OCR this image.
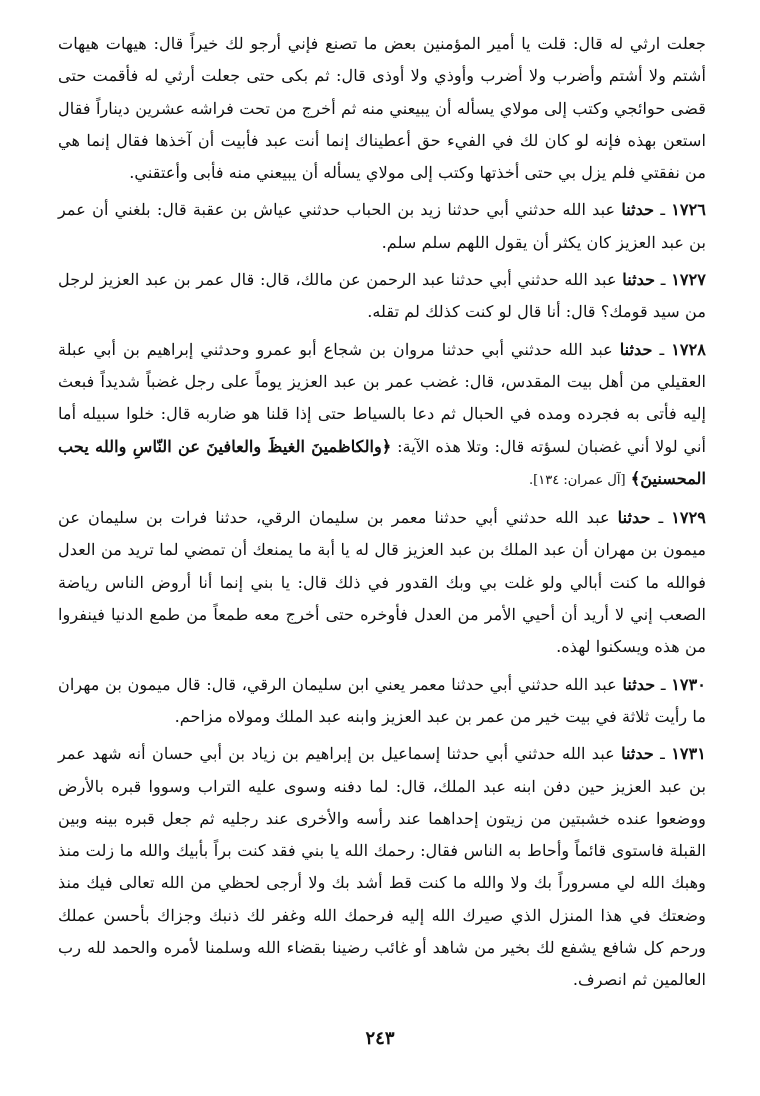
جعلت ارثي له قال: قلت يا أمير المؤمنين بعض ما تصنع فإني أرجو لك خيراً قال: هيهات هيهات أشتم ولا أشتم وأضرب ولا أضرب وأوذي ولا أوذى قال: ثم بكى حتى جعلت أرثي له فأقمت حتى قضى حوائجي وكتب إلى مولاي يسأله أن يبيعني منه ثم أخرج من تحت فراشه عشرين ديناراً فقال استعن بهذه فإنه لو كان لك في الفيء حق أعطيناك إنما أنت عبد فأبيت أن آخذها فقال إنما هي من نفقتي فلم يزل بي حتى أخذتها وكتب إلى مولاي يسأله أن يبيعني منه فأبى وأعتقني.

١٧٢٦ ـ حدثنا عبد الله حدثني أبي حدثنا زيد بن الحباب حدثني عياش بن عقبة قال: بلغني أن عمر بن عبد العزيز كان يكثر أن يقول اللهم سلم سلم.

١٧٢٧ ـ حدثنا عبد الله حدثني أبي حدثنا عبد الرحمن عن مالك، قال: قال عمر بن عبد العزيز لرجل من سيد قومك؟ قال: أنا قال لو كنت كذلك لم تقله.

١٧٢٨ ـ حدثنا عبد الله حدثني أبي حدثنا مروان بن شجاع أبو عمرو وحدثني إبراهيم بن أبي عبلة العقيلي من أهل بيت المقدس، قال: غضب عمر بن عبد العزيز يوماً على رجل غضباً شديداً فبعث إليه فأتى به فجرده ومده في الحبال ثم دعا بالسياط حتى إذا قلنا هو ضاربه قال: خلوا سبيله أما أني لولا أني غضبان لسؤته قال: وتلا هذه الآية: ﴿والكاظمينَ الغيظَ والعافينَ عن النّاسِ والله يحب المحسنينَ﴾ [آل عمران: ١٣٤].

١٧٢٩ ـ حدثنا عبد الله حدثني أبي حدثنا معمر بن سليمان الرقي، حدثنا فرات بن سليمان عن ميمون بن مهران أن عبد الملك بن عبد العزيز قال له يا أبة ما يمنعك أن تمضي لما تريد من العدل فوالله ما كنت أبالي ولو غلت بي وبك القدور في ذلك قال: يا بني إنما أنا أروض الناس رياضة الصعب إني لا أريد أن أحيي الأمر من العدل فأوخره حتى أخرج معه طمعاً من طمع الدنيا فينفروا من هذه ويسكنوا لهذه.

١٧٣٠ ـ حدثنا عبد الله حدثني أبي حدثنا معمر يعني ابن سليمان الرقي، قال: قال ميمون بن مهران ما رأيت ثلاثة في بيت خير من عمر بن عبد العزيز وابنه عبد الملك ومولاه مزاحم.

١٧٣١ ـ حدثنا عبد الله حدثني أبي حدثنا إسماعيل بن إبراهيم بن زياد بن أبي حسان أنه شهد عمر بن عبد العزيز حين دفن ابنه عبد الملك، قال: لما دفنه وسوى عليه التراب وسووا قبره بالأرض ووضعوا عنده خشبتين من زيتون إحداهما عند رأسه والأخرى عند رجليه ثم جعل قبره بينه وبين القبلة فاستوى قائماً وأحاط به الناس فقال: رحمك الله يا بني فقد كنت براً بأبيك والله ما زلت منذ وهبك الله لي مسروراً بك ولا والله ما كنت قط أشد بك ولا أرجى لحظي من الله تعالى فيك منذ وضعتك في هذا المنزل الذي صيرك الله إليه فرحمك الله وغفر لك ذنبك وجزاك بأحسن عملك ورحم كل شافع يشفع لك بخير من شاهد أو غائب رضينا بقضاء الله وسلمنا لأمره والحمد لله رب العالمين ثم انصرف.

٢٤٣
